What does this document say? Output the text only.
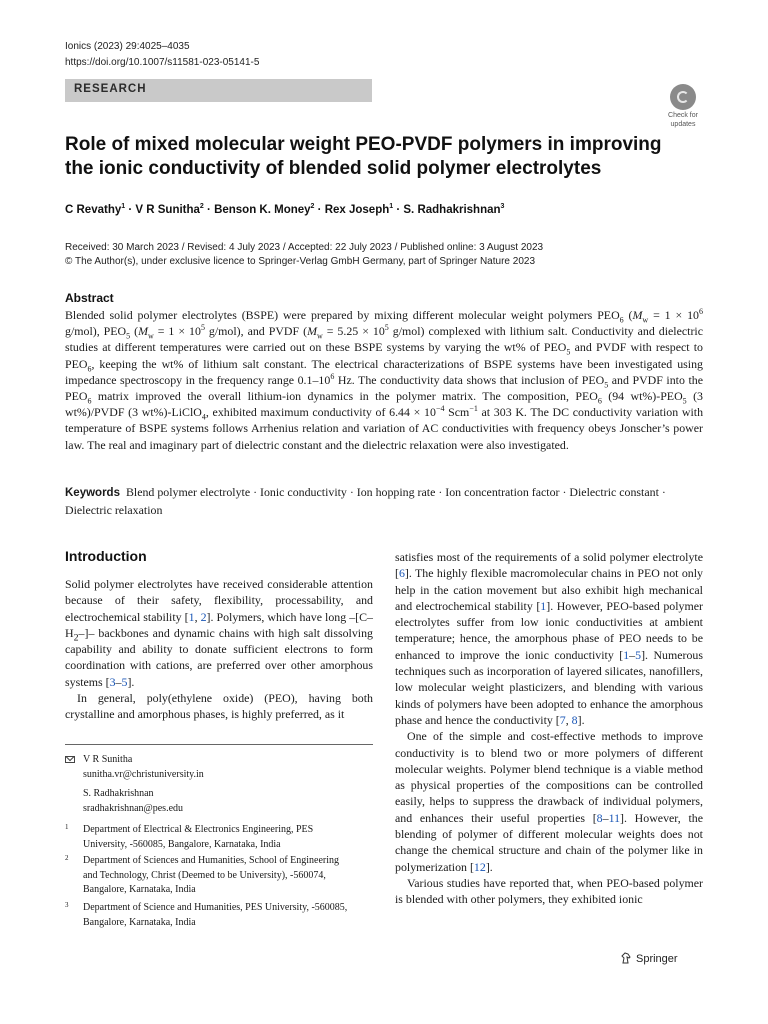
Ionics (2023) 29:4025–4035
https://doi.org/10.1007/s11581-023-05141-5
RESEARCH
Check for
updates
Role of mixed molecular weight PEO-PVDF polymers in improving the ionic conductivity of blended solid polymer electrolytes
C Revathy$^1$ · V R Sunitha$^2$ · Benson K. Money$^2$ · Rex Joseph$^1$ · S. Radhakrishnan$^3$
Received: 30 March 2023 / Revised: 4 July 2023 / Accepted: 22 July 2023 / Published online: 3 August 2023
© The Author(s), under exclusive licence to Springer-Verlag GmbH Germany, part of Springer Nature 2023
Abstract

Blended solid polymer electrolytes (BSPE) were prepared by mixing different molecular weight polymers $PEO_6$ ($M_w = 1 \times 10^6$ g/mol), $PEO_5$ ($M_w = 1 \times 10^5$ g/mol), and PVDF ($M_w = 5.25 \times 10^5$ g/mol) complexed with lithium salt. Conductivity and dielectric studies at different temperatures were carried out on these BSPE systems by varying the wt% of $PEO_5$ and PVDF with respect to $PEO_6$, keeping the wt% of lithium salt constant. The electrical characterizations of BSPE systems have been investigated using impedance spectroscopy in the frequency range $0.1-10^6$ Hz. The conductivity data shows that inclusion of $PEO_5$ and PVDF into the $PEO_6$ matrix improved the overall lithium-ion dynamics in the polymer matrix. The composition, $PEO_6$ (94 $wt\%)-PEO_5$ (3 wt%)/PVDF (3 wt%)-LiClO$_4$, exhibited maximum conductivity of $6.44 \times 10^{-4}$ Scm$^{-1}$ at 303 K. The DC conductivity variation with temperature of BSPE systems follows Arrhenius relation and variation of AC conductivities with frequency obeys Jonscher’s power law. The real and imaginary part of dielectric constant and the dielectric relaxation were also investigated.

Keywords Blend polymer electrolyte · Ionic conductivity · Ion hopping rate · Ion concentration factor · Dielectric constant · Dielectric relaxation
Introduction

Solid polymer electrolytes have received considerable attention because of their safety, flexibility, processability, and electrochemical stability [1, 2]. Polymers, which have long $-[C-H_2-]-$ backbones and dynamic chains with high salt dissolving capability and ability to donate sufficient electrons to form coordination with cations, are preferred over other amorphous systems [3–5].

In general, poly(ethylene oxide) (PEO), having both crystalline and amorphous phases, is highly preferred, as it

satisfies most of the requirements of a solid polymer electrolyte [6]. The highly flexible macromolecular chains in PEO not only help in the cation movement but also exhibit high mechanical and electrochemical stability [1]. However, PEO-based polymer electrolytes suffer from low ionic conductivities at ambient temperature; hence, the amorphous phase of PEO needs to be enhanced to improve the ionic conductivity [1–5]. Numerous techniques such as incorporation of layered silicates, nanofillers, low molecular weight plasticizers, and blending with various kinds of polymers have been adopted to enhance the amorphous phase and hence the conductivity [7, 8].

One of the simple and cost-effective methods to improve conductivity is to blend two or more polymers of different molecular weights. Polymer blend technique is a viable method as physical properties of the compositions can be controlled easily, helps to suppress the drawback of individual polymers, and enhances their useful properties [8–11]. However, the blending of polymer of different molecular weights does not change the chemical structure and chain of the polymer like in polymerization [12].

Various studies have reported that, when PEO-based polymer is blended with other polymers, they exhibited ionic

V R Sunitha
sunitha.vr@christuniversity.in
S. Radhakrishnan
sradhakrishnan@pes.edu
1 Department of Electrical & Electronics Engineering, PES University, -560085, Bangalore, Karnataka, India
2 Department of Sciences and Humanities, School of Engineering and Technology, Christ (Deemed to be University), -560074, Bangalore, Karnataka, India
3 Department of Science and Humanities, PES University, -560085, Bangalore, Karnataka, India
Springer
